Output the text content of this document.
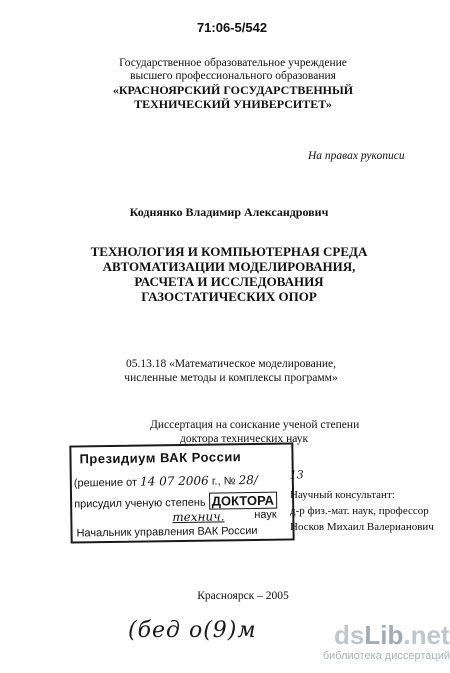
71:06-5/542
Государственное образовательное учреждение
высшего профессионального образования
«КРАСНОЯРСКИЙ ГОСУДАРСТВЕННЫЙ
ТЕХНИЧЕСКИЙ УНИВЕРСИТЕТ»
На правах рукописи
Коднянко Владимир Александрович
ТЕХНОЛОГИЯ И КОМПЬЮТЕРНАЯ СРЕДА
АВТОМАТИЗАЦИИ МОДЕЛИРОВАНИЯ,
РАСЧЕТА И ИССЛЕДОВАНИЯ
ГАЗОСТАТИЧЕСКИХ ОПОР
05.13.18 «Математическое моделирование,
численные методы и комплексы программ»
Диссертация на соискание ученой степени
доктора технических наук
Научный консультант:
д-р физ.-мат. наук, профессор
Носков Михаил Валерианович
Президиум ВАК России
(решение от 14 07 2006 г., № 28/	13
присудил ученую степень ДОКТОРА
технич.	наук
Начальник управления ВАК России
Красноярск – 2005
(бед о(9)м	dsLib.net
библиотека диссертаций
